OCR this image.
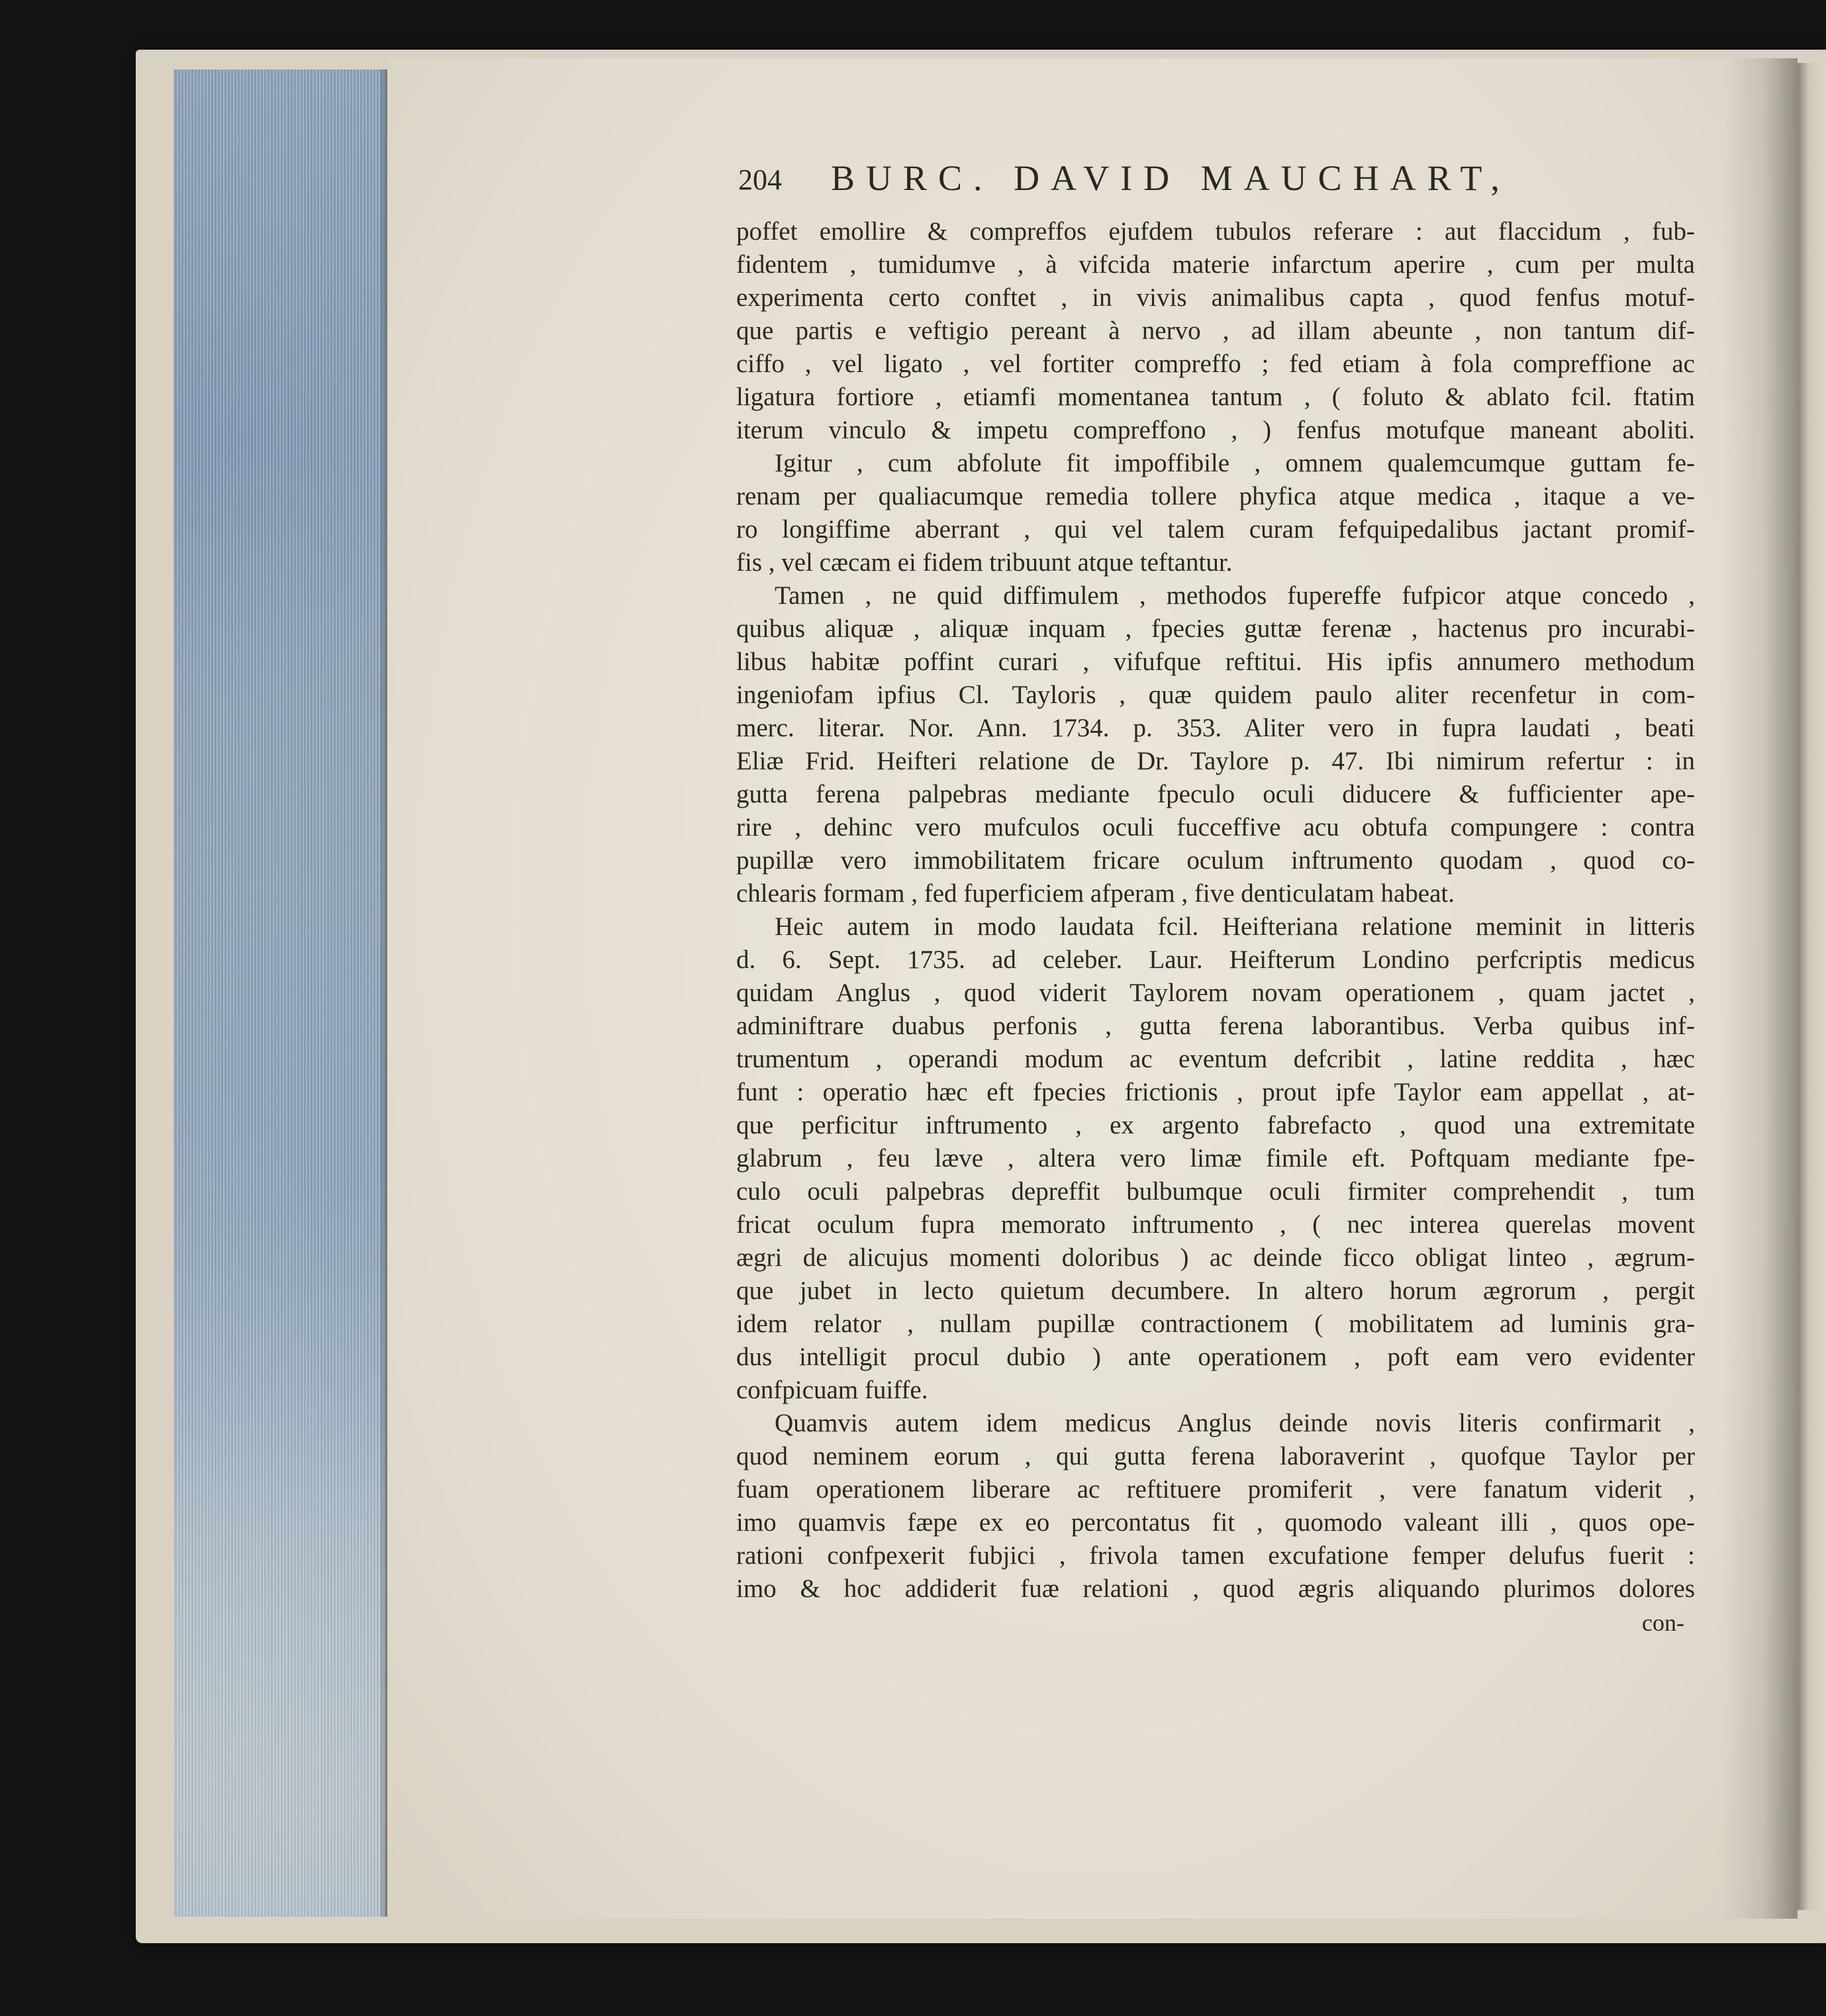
204 BURC. DAVID MAUCHART,
poffet emollire & compreffos ejufdem tubulos referare : aut flaccidum , fub-
fidentem , tumidumve , à vifcida materie infarctum aperire , cum per multa
experimenta certo conftet , in vivis animalibus capta , quod fenfus motuf-
que partis e veftigio pereant à nervo , ad illam abeunte , non tantum dif-
ciffo , vel ligato , vel fortiter compreffo ; fed etiam à fola compreffione ac
ligatura fortiore , etiamfi momentanea tantum , ( foluto & ablato fcil. ftatim
iterum vinculo & impetu compreffono , ) fenfus motufque maneant aboliti.
Igitur , cum abfolute fit impoffibile , omnem qualemcumque guttam fe-
renam per qualiacumque remedia tollere phyfica atque medica , itaque a ve-
ro longiffime aberrant , qui vel talem curam fefquipedalibus jactant promif-
fis , vel cæcam ei fidem tribuunt atque teftantur.
Tamen , ne quid diffimulem , methodos fupereffe fufpicor atque concedo ,
quibus aliquæ , aliquæ inquam , fpecies guttæ ferenæ , hactenus pro incurabi-
libus habitæ poffint curari , vifufque reftitui. His ipfis annumero methodum
ingeniofam ipfius Cl. Tayloris , quæ quidem paulo aliter recenfetur in com-
merc. literar. Nor. Ann. 1734. p. 353. Aliter vero in fupra laudati , beati
Eliæ Frid. Heifteri relatione de Dr. Taylore p. 47. Ibi nimirum refertur : in
gutta ferena palpebras mediante fpeculo oculi diducere & fufficienter ape-
rire , dehinc vero mufculos oculi fucceffive acu obtufa compungere : contra
pupillæ vero immobilitatem fricare oculum inftrumento quodam , quod co-
chlearis formam , fed fuperficiem afperam , five denticulatam habeat.
Heic autem in modo laudata fcil. Heifteriana relatione meminit in litteris
d. 6. Sept. 1735. ad celeber. Laur. Heifterum Londino perfcriptis medicus
quidam Anglus , quod viderit Taylorem novam operationem , quam jactet ,
adminiftrare duabus perfonis , gutta ferena laborantibus. Verba quibus inf-
trumentum , operandi modum ac eventum defcribit , latine reddita , hæc
funt : operatio hæc eft fpecies frictionis , prout ipfe Taylor eam appellat , at-
que perficitur inftrumento , ex argento fabrefacto , quod una extremitate
glabrum , feu læve , altera vero limæ fimile eft. Poftquam mediante fpe-
culo oculi palpebras depreffit bulbumque oculi firmiter comprehendit , tum
fricat oculum fupra memorato inftrumento , ( nec interea querelas movent
ægri de alicujus momenti doloribus ) ac deinde ficco obligat linteo , ægrum-
que jubet in lecto quietum decumbere. In altero horum ægrorum , pergit
idem relator , nullam pupillæ contractionem ( mobilitatem ad luminis gra-
dus intelligit procul dubio ) ante operationem , poft eam vero evidenter
confpicuam fuiffe.
Quamvis autem idem medicus Anglus deinde novis literis confirmarit ,
quod neminem eorum , qui gutta ferena laboraverint , quofque Taylor per
fuam operationem liberare ac reftituere promiferit , vere fanatum viderit ,
imo quamvis fæpe ex eo percontatus fit , quomodo valeant illi , quos ope-
rationi confpexerit fubjici , frivola tamen excufatione femper delufus fuerit :
imo & hoc addiderit fuæ relationi , quod ægris aliquando plurimos dolores
con-
